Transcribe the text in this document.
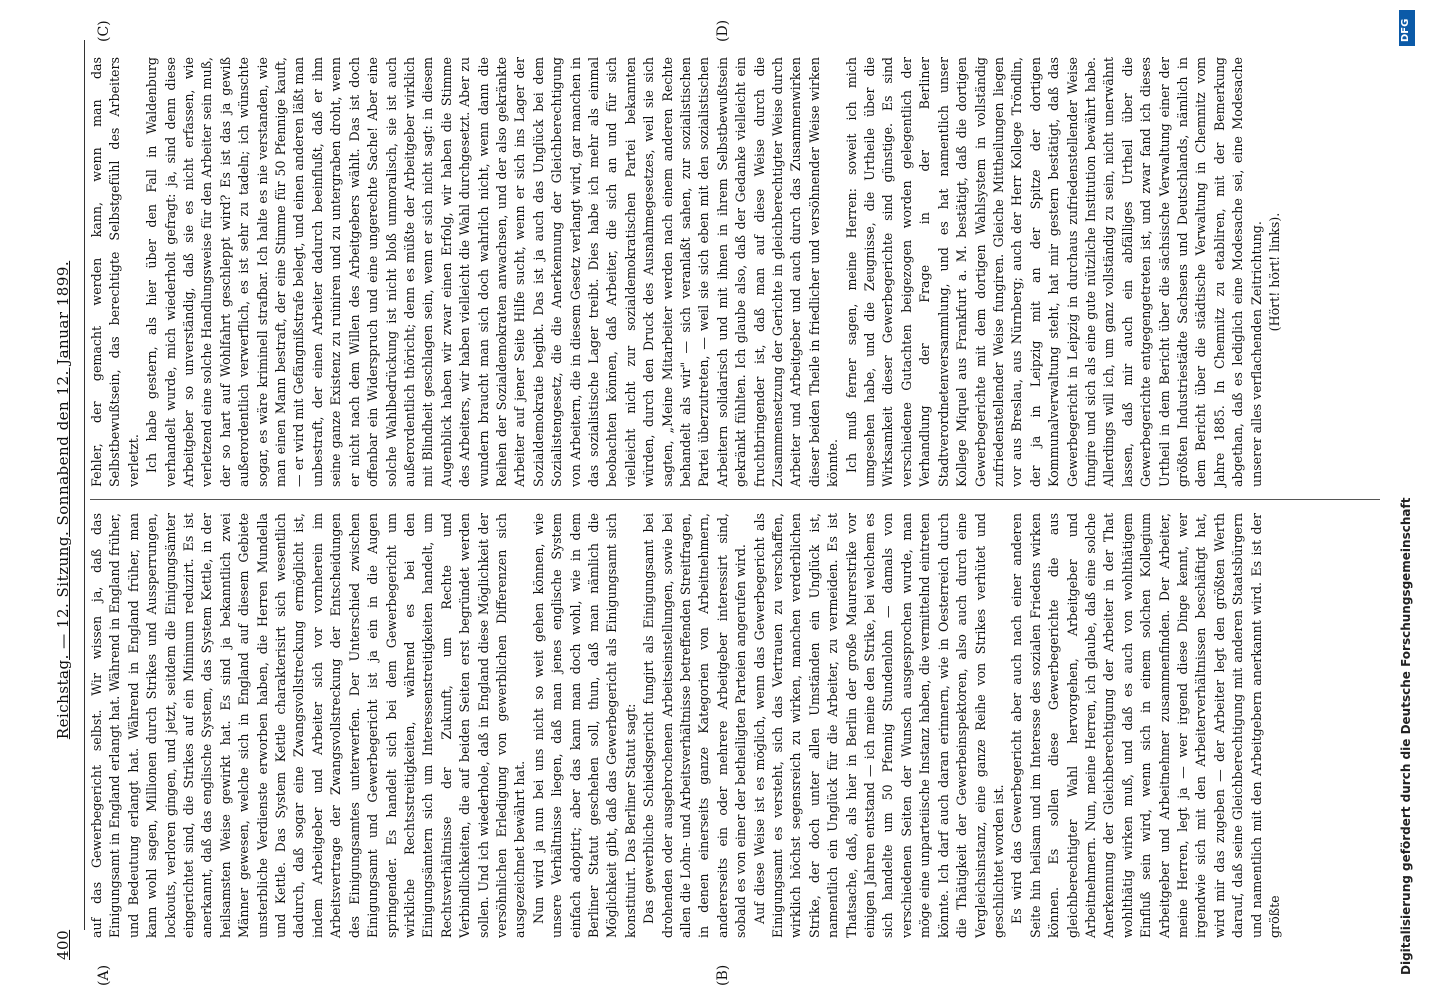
400
Reichstag. — 12. Sitzung. Sonnabend den 12. Januar 1899.
(A)	(B)
(C)	(D)

auf das Gewerbegericht selbst. Wir wissen ja, daß das Einigungsamt in England erlangt hat. Während in England früher, und Bedeutung erlangt hat. Während in England früher, man kann wohl sagen, Millionen durch Strikes und Aussperrungen, lockouts, verloren gingen, und jetzt, seitdem die Einigungsämter eingerichtet sind, die Strikes auf ein Minimum reduzirt. Es ist anerkannt, daß das englische System, das System Kettle, in der heilsamsten Weise gewirkt hat. Es sind ja bekanntlich zwei Männer gewesen, welche sich in England auf diesem Gebiete unsterbliche Verdienste erworben haben, die Herren Mundella und Kettle. Das System Kettle charakterisirt sich wesentlich dadurch, daß sogar eine Zwangsvollstreckung ermöglicht ist, indem Arbeitgeber und Arbeiter sich vor vornherein im Arbeitsvertrage der Zwangsvollstreckung der Entscheidungen des Einigungsamtes unterwerfen. Der Unterschied zwischen Einigungsamt und Gewerbegericht ist ja ein in die Augen springender. Es handelt sich bei dem Gewerbegericht um wirkliche Rechtsstreitigkeiten, während es bei den Einigungsämtern sich um Interessenstreitigkeiten handelt, um Rechtsverhältnisse der Zukunft, um Rechte und Verbindlichkeiten, die auf beiden Seiten erst begründet werden sollen. Und ich wiederhole, daß in England diese Möglichkeit der versöhnlichen Erledigung von gewerblichen Differenzen sich ausgezeichnet bewährt hat. Nun wird ja nun bei uns nicht so weit gehen können, wie unsere Verhältnisse liegen, daß man jenes englische System einfach adoptirt; aber das kann man doch wohl, wie in dem Berliner Statut geschehen soll, thun, daß man nämlich die Möglichkeit gibt, daß das Gewerbegericht als Einigungsamt sich konstituirt. Das Berliner Statut sagt: Das gewerbliche Schiedsgericht fungirt als Einigungsamt bei drohenden oder ausgebrochenen Arbeitseinstellungen, sowie bei allen die Lohn- und Arbeitsverhältnisse betreffenden Streitfragen, in denen einerseits ganze Kategorien von Arbeitnehmern, andererseits ein oder mehrere Arbeitgeber interessirt sind, sobald es von einer der betheiligten Parteien angerufen wird. Auf diese Weise ist es möglich, wenn das Gewerbegericht als Einigungsamt es versteht, sich das Vertrauen zu verschaffen, wirklich höchst segensreich zu wirken, manchen verderblichen Strike, der doch unter allen Umständen ein Unglück ist, namentlich ein Unglück für die Arbeiter, zu vermeiden. Es ist Thatsache, daß, als hier in Berlin der große Maurerstrike vor einigen Jahren entstand — ich meine den Strike, bei welchem es sich handelte um 50 Pfennig Stundenlohn — damals von verschiedenen Seiten der Wunsch ausgesprochen wurde, man möge eine unparteiische Instanz haben, die vermittelnd eintreten könnte. Ich darf auch daran erinnern, wie in Oesterreich durch die Thätigkeit der Gewerbeinspektoren, also auch durch eine Vergleichsinstanz, eine ganze Reihe von Strikes verhütet und geschlichtet worden ist. Es wird das Gewerbegericht aber auch nach einer anderen Seite hin heilsam und im Interesse des sozialen Friedens wirken können. Es sollen diese Gewerbegerichte die aus gleichberechtigter Wahl hervorgehen, Arbeitgeber und Arbeitnehmern. Nun, meine Herren, ich glaube, daß eine solche Anerkennung der Gleichberechtigung der Arbeiter in der That wohlthätig wirken muß, und daß es auch von wohlthätigem Einfluß sein wird, wenn sich in einem solchen Kollegium Arbeitgeber und Arbeitnehmer zusammenfinden. Der Arbeiter, meine Herren, legt ja — wer irgend diese Dinge kennt, wer irgendwie sich mit den Arbeiterverhältnissen beschäftigt hat, wird mir das zugeben — der Arbeiter legt den größten Werth darauf, daß seine Gleichberechtigung mit anderen Staatsbürgern und namentlich mit den Arbeitgebern anerkannt wird. Es ist der größte

Fehler, der gemacht werden kann, wenn man das Selbstbewußtsein, das berechtigte Selbstgefühl des Arbeiters verletzt. Ich habe gestern, als hier über den Fall in Waldenburg verhandelt wurde, mich wiederholt gefragt: ja, sind denn diese Arbeitgeber so unverständig, daß sie es nicht erfassen, wie verletzend eine solche Handlungsweise für den Arbeiter sein muß, der so hart auf Wohlfahrt geschleppt wird? Es ist das ja gewiß außerordentlich verwerflich, es ist sehr zu tadeln; ich wünschte sogar, es wäre kriminell strafbar. Ich halte es nie verstanden, wie man einen Mann bestraft, der eine Stimme für 50 Pfennige kauft, — er wird mit Gefängnißstrafe belegt, und einen anderen läßt man unbestraft, der einen Arbeiter dadurch beeinflußt, daß er ihm seine ganze Existenz zu ruiniren und zu untergraben droht, wenn er nicht nach dem Willen des Arbeitgebers wählt. Das ist doch offenbar ein Widerspruch und eine ungerechte Sache! Aber eine solche Wahlbedrückung ist nicht bloß unmoralisch, sie ist auch außerordentlich thöricht; denn es müßte der Arbeitgeber wirklich mit Blindheit geschlagen sein, wenn er sich nicht sagt: in diesem Augenblick haben wir zwar einen Erfolg, wir haben die Stimme des Arbeiters, wir haben vielleicht die Wahl durchgesetzt. Aber zu wundern braucht man sich doch wahrlich nicht, wenn dann die Reihen der Sozialdemokraten anwachsen, und der also gekränkte Arbeiter auf jener Seite Hilfe sucht, wenn er sich ins Lager der Sozialdemokratie begibt. Das ist ja auch das Unglück bei dem Sozialistengesetz, die die Anerkennung der Gleichberechtigung von Arbeitern, die in diesem Gesetz verlangt wird, gar manchen in das sozialistische Lager treibt. Dies habe ich mehr als einmal beobachten können, daß Arbeiter, die sich an und für sich vielleicht nicht zur sozialdemokratischen Partei bekannten würden, durch den Druck des Ausnahmegesetzes, weil sie sich sagten, „Meine Mitarbeiter werden nach einem anderen Rechte behandelt als wir" — sich veranlaßt sahen, zur sozialistischen Partei überzutreten, — weil sie sich eben mit den sozialistischen Arbeitern solidarisch und mit ihnen in ihrem Selbstbewußtsein gekränkt fühlten. Ich glaube also, daß der Gedanke vielleicht ein fruchtbringender ist, daß man auf diese Weise durch die Zusammensetzung der Gerichte in gleichberechtigter Weise durch Arbeiter und Arbeitgeber und auch durch das Zusammenwirken dieser beiden Theile in friedlicher und versöhnender Weise wirken könnte. Ich muß ferner sagen, meine Herren: soweit ich mich umgesehen habe, und die Zeugnisse, die Urtheile über die Wirksamkeit dieser Gewerbegerichte sind günstige. Es sind verschiedene Gutachten beigezogen worden gelegentlich der Verhandlung der Frage in der Berliner Stadtverordnetenversammlung, und es hat namentlich unser Kollege Miquel aus Frankfurt a. M. bestätigt, daß die dortigen Gewerbegerichte mit dem dortigen Wahlsystem in vollständig zufriedenstellender Weise fungiren. Gleiche Mittheilungen liegen vor aus Breslau, aus Nürnberg; auch der Herr Kollege Tröndlin, der ja in Leipzig mit an der Spitze der dortigen Kommunalverwaltung steht, hat mir gestern bestätigt, daß das Gewerbegericht in Leipzig in durchaus zufriedenstellender Weise fungire und sich als eine gute nützliche Institution bewährt habe. Allerdings will ich, um ganz vollständig zu sein, nicht unerwähnt lassen, daß mir auch ein abfälliges Urtheil über die Gewerbegerichte entgegengetreten ist, und zwar fand ich dieses Urtheil in dem Bericht über die sächsische Verwaltung einer der größten Industriestädte Sachsens und Deutschlands, nämlich in dem Bericht über die städtische Verwaltung in Chemnitz vom Jahre 1885. In Chemnitz zu etabliren, mit der Bemerkung abgethan, daß es lediglich eine Modesache sei, eine Modesache unserer alles verflachenden Zeitrichtung. (Hört! hört! links).

Digitalisierung gefördert durch die Deutsche Forschungsgemeinschaft
DFG
